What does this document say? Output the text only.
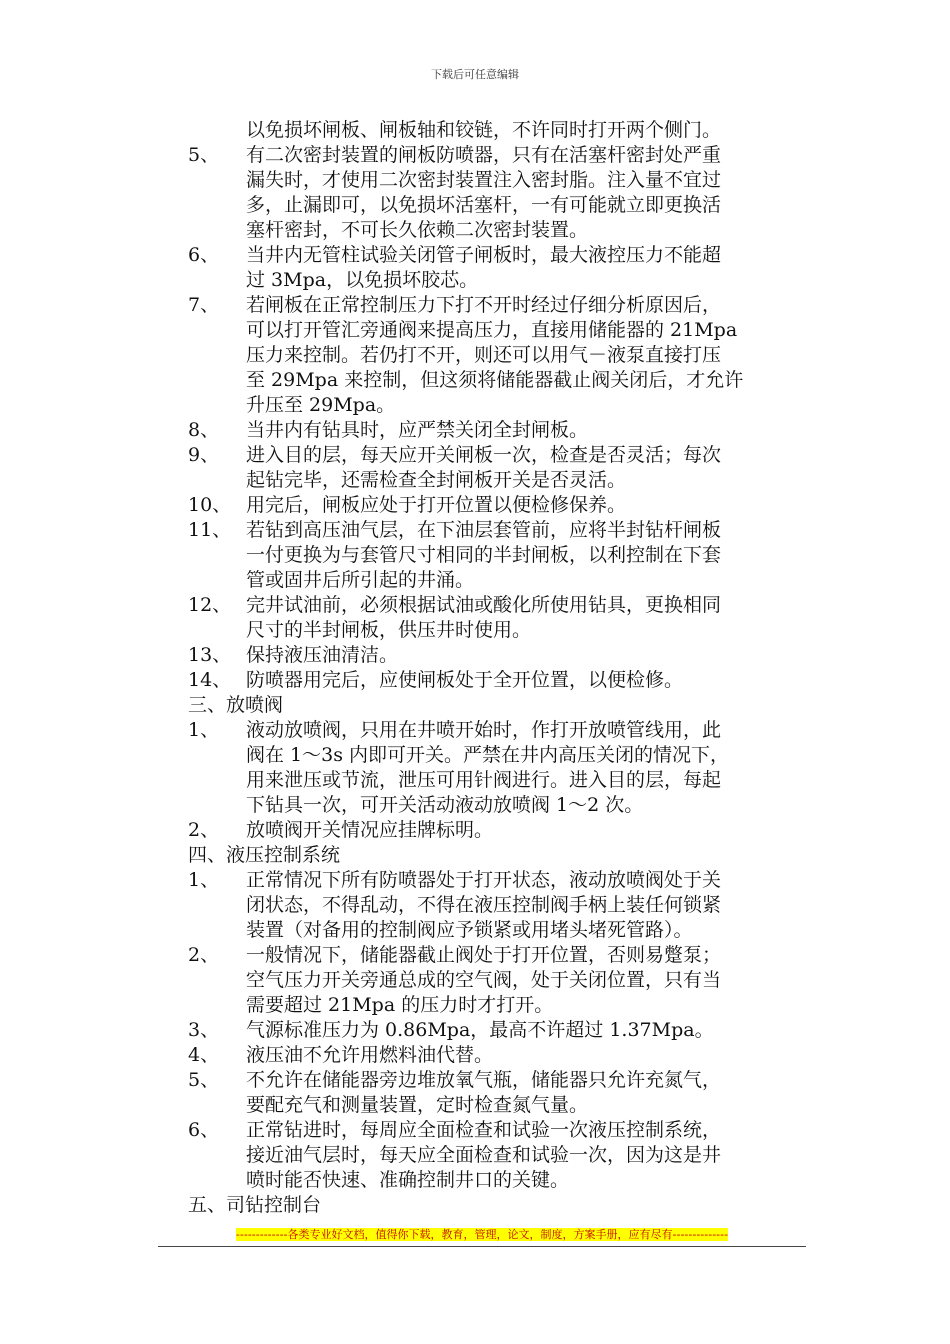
下载后可任意编辑
以免损坏闸板、闸板轴和铰链，不许同时打开两个侧门。
5、	有二次密封装置的闸板防喷器，只有在活塞杆密封处严重
漏失时，才使用二次密封装置注入密封脂。注入量不宜过
多，止漏即可，以免损坏活塞杆，一有可能就立即更换活
塞杆密封，不可长久依赖二次密封装置。
6、	当井内无管柱试验关闭管子闸板时，最大液控压力不能超
过 3Mpa，以免损坏胶芯。
7、	若闸板在正常控制压力下打不开时经过仔细分析原因后，
可以打开管汇旁通阀来提高压力，直接用储能器的 21Mpa
压力来控制。若仍打不开，则还可以用气－液泵直接打压
至 29Mpa 来控制，但这须将储能器截止阀关闭后，才允许
升压至 29Mpa。
8、	当井内有钻具时，应严禁关闭全封闸板。
9、	进入目的层，每天应开关闸板一次，检查是否灵活；每次
起钻完毕，还需检查全封闸板开关是否灵活。
10、 用完后，闸板应处于打开位置以便检修保养。
11、 若钻到高压油气层，在下油层套管前，应将半封钻杆闸板
一付更换为与套管尺寸相同的半封闸板，以利控制在下套
管或固井后所引起的井涌。
12、 完井试油前，必须根据试油或酸化所使用钻具，更换相同
尺寸的半封闸板，供压井时使用。
13、 保持液压油清洁。
14、 防喷器用完后，应使闸板处于全开位置，以便检修。
三、放喷阀
1、	液动放喷阀，只用在井喷开始时，作打开放喷管线用，此
阀在 1～3s 内即可开关。严禁在井内高压关闭的情况下，
用来泄压或节流，泄压可用针阀进行。进入目的层，每起
下钻具一次，可开关活动液动放喷阀 1～2 次。
2、	放喷阀开关情况应挂牌标明。
四、液压控制系统
1、	正常情况下所有防喷器处于打开状态，液动放喷阀处于关
闭状态，不得乱动，不得在液压控制阀手柄上装任何锁紧
装置（对备用的控制阀应予锁紧或用堵头堵死管路）。
2、	一般情况下，储能器截止阀处于打开位置，否则易蹩泵；
空气压力开关旁通总成的空气阀，处于关闭位置，只有当
需要超过 21Mpa 的压力时才打开。
3、	气源标准压力为 0.86Mpa，最高不许超过 1.37Mpa。
4、	液压油不允许用燃料油代替。
5、	不允许在储能器旁边堆放氧气瓶，储能器只允许充氮气，
要配充气和测量装置，定时检查氮气量。
6、	正常钻进时，每周应全面检查和试验一次液压控制系统，
接近油气层时，每天应全面检查和试验一次，因为这是井
喷时能否快速、准确控制井口的关键。
五、司钻控制台
-------------各类专业好文档，值得你下载，教育，管理，论文，制度，方案手册，应有尽有--------------
